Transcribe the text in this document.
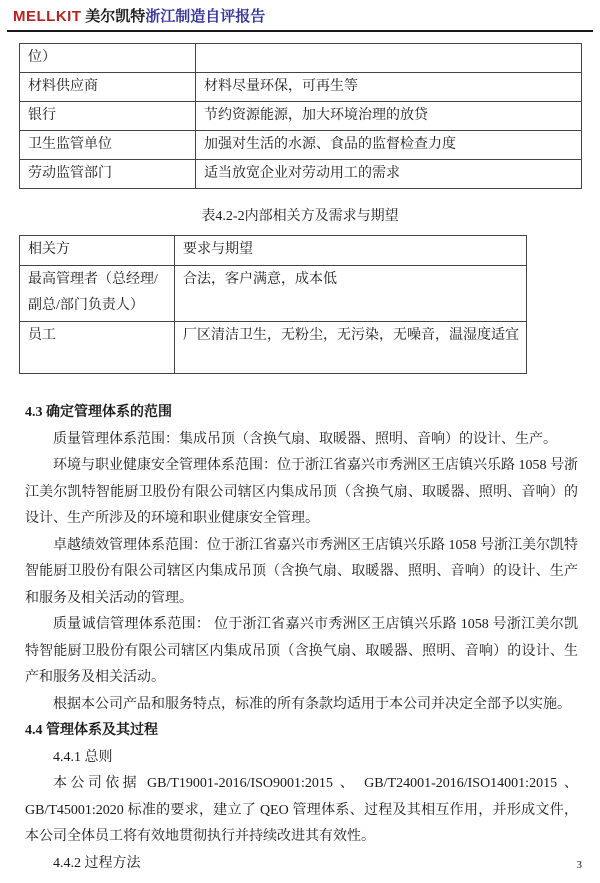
MELLKIT 美尔凯特浙江制造自评报告
位）	
材料供应商	材料尽量环保，可再生等
银行	节约资源能源，加大环境治理的放贷
卫生监管单位	加强对生活的水源、食品的监督检查力度
劳动监管部门	适当放宽企业对劳动用工的需求
表4.2-2内部相关方及需求与期望
相关方	要求与期望
最高管理者（总经理/副总/部门负责人）	合法，客户满意，成本低
员工	厂区清洁卫生，无粉尘，无污染，无噪音，温湿度适宜
4.3 确定管理体系的范围

质量管理体系范围：集成吊顶（含换气扇、取暖器、照明、音响）的设计、生产。

环境与职业健康安全管理体系范围：位于浙江省嘉兴市秀洲区王店镇兴乐路 1058 号浙江美尔凯特智能厨卫股份有限公司辖区内集成吊顶（含换气扇、取暖器、照明、音响）的设计、生产所涉及的环境和职业健康安全管理。

卓越绩效管理体系范围：位于浙江省嘉兴市秀洲区王店镇兴乐路 1058 号浙江美尔凯特智能厨卫股份有限公司辖区内集成吊顶（含换气扇、取暖器、照明、音响）的设计、生产和服务及相关活动的管理。

质量诚信管理体系范围： 位于浙江省嘉兴市秀洲区王店镇兴乐路 1058 号浙江美尔凯特智能厨卫股份有限公司辖区内集成吊顶（含换气扇、取暖器、照明、音响）的设计、生产和服务及相关活动。

根据本公司产品和服务特点，标准的所有条款均适用于本公司并决定全部予以实施。

4.4 管理体系及其过程
4.4.1 总则

本公司依据 GB/T19001-2016/ISO9001:2015 、 GB/T24001-2016/ISO14001:2015 、GB/T45001:2020 标准的要求，建立了 QEO 管理体系、过程及其相互作用，并形成文件，本公司全体员工将有效地贯彻执行并持续改进其有效性。

4.4.2 过程方法	3
